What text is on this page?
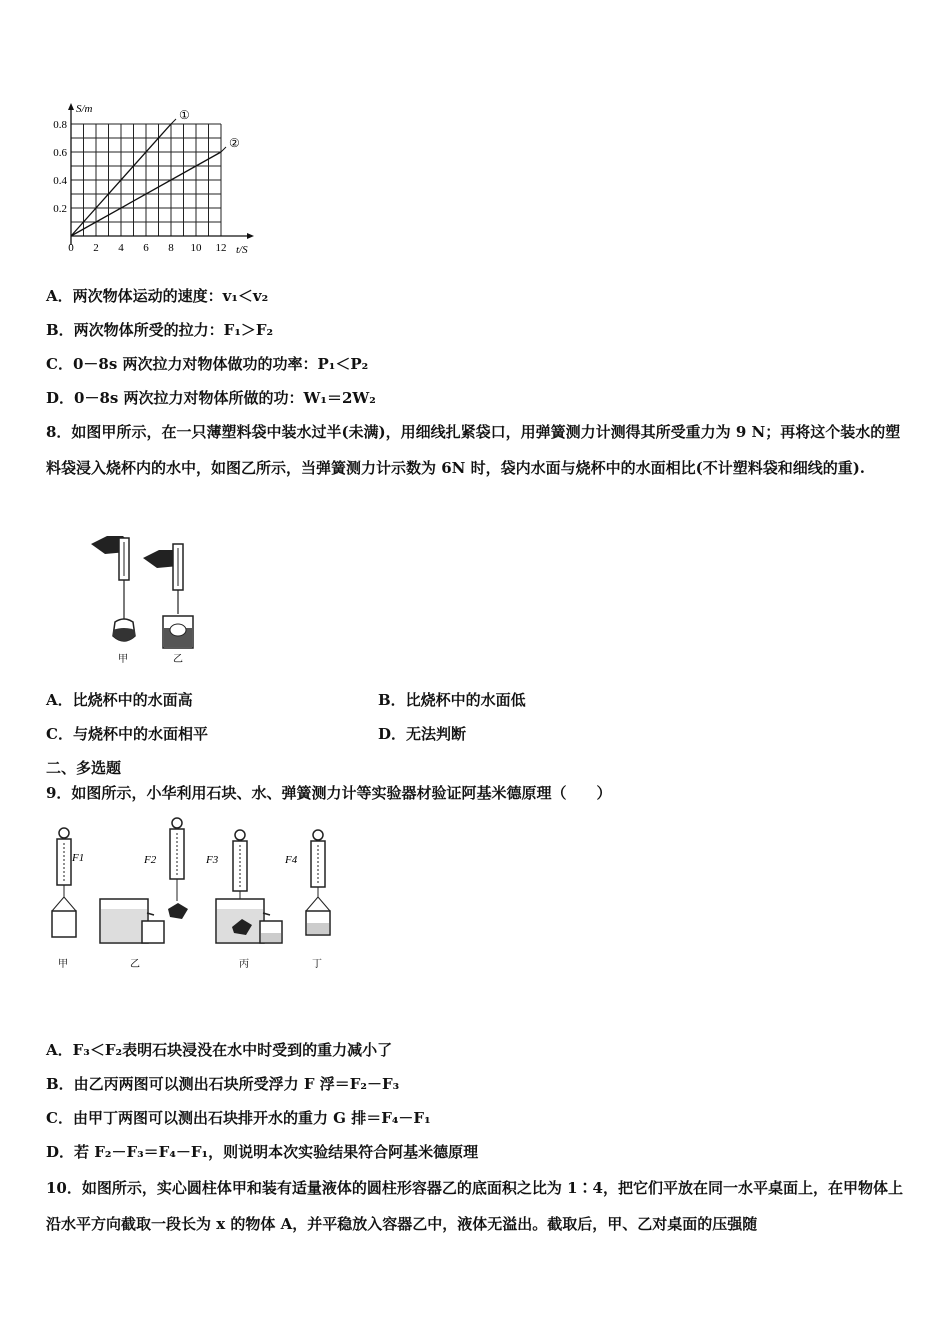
S/m
t/S
0 2 4 6 8 10 12
0.2
0.4
0.6
0.8
①
②
A．两次物体运动的速度：v₁＜v₂
B．两次物体所受的拉力：F₁＞F₂
C．0－8s 两次拉力对物体做功的功率：P₁＜P₂
D．0－8s 两次拉力对物体所做的功：W₁＝2W₂
8．如图甲所示，在一只薄塑料袋中装水过半(未满)，用细线扎紧袋口，用弹簧测力计测得其所受重力为 9 N；再将这个装水的塑料袋浸入烧杯内的水中，如图乙所示，当弹簧测力计示数为 6N 时，袋内水面与烧杯中的水面相比(不计塑料袋和细线的重).
甲	乙
A．比烧杯中的水面高	B．比烧杯中的水面低
C．与烧杯中的水面相平	D．无法判断
二、多选题
9．如图所示，小华利用石块、水、弹簧测力计等实验器材验证阿基米德原理（　　）
F1	F2	F3	F4
甲	乙	丙	丁
A．F₃＜F₂表明石块浸没在水中时受到的重力减小了
B．由乙丙两图可以测出石块所受浮力 F 浮＝F₂－F₃
C．由甲丁两图可以测出石块排开水的重力 G 排＝F₄－F₁
D．若 F₂－F₃＝F₄－F₁，则说明本次实验结果符合阿基米德原理
10．如图所示，实心圆柱体甲和装有适量液体的圆柱形容器乙的底面积之比为 1∶4，把它们平放在同一水平桌面上，在甲物体上沿水平方向截取一段长为 x 的物体 A，并平稳放入容器乙中，液体无溢出。截取后，甲、乙对桌面的压强随
